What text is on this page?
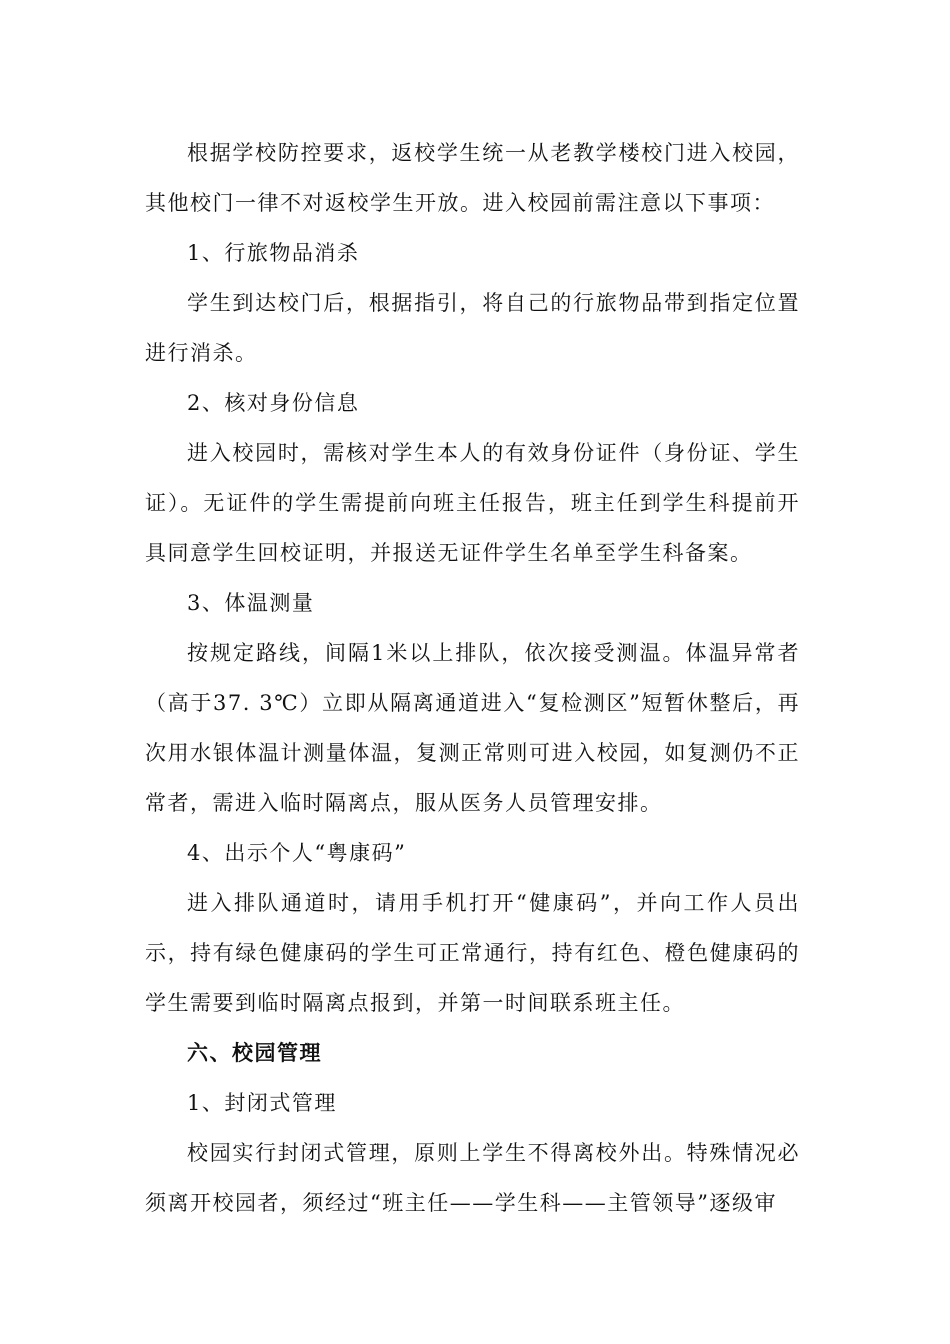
根据学校防控要求，返校学生统一从老教学楼校门进入校园，其他校门一律不对返校学生开放。进入校园前需注意以下事项：

1、行旅物品消杀

学生到达校门后，根据指引，将自己的行旅物品带到指定位置进行消杀。

2、核对身份信息

进入校园时，需核对学生本人的有效身份证件（身份证、学生证）。无证件的学生需提前向班主任报告，班主任到学生科提前开具同意学生回校证明，并报送无证件学生名单至学生科备案。

3、体温测量

按规定路线，间隔1米以上排队，依次接受测温。体温异常者（高于37. 3℃）立即从隔离通道进入“复检测区”短暂休整后，再次用水银体温计测量体温，复测正常则可进入校园，如复测仍不正常者，需进入临时隔离点，服从医务人员管理安排。

4、出示个人“粤康码”

进入排队通道时，请用手机打开“健康码”，并向工作人员出示，持有绿色健康码的学生可正常通行，持有红色、橙色健康码的学生需要到临时隔离点报到，并第一时间联系班主任。

六、校园管理

1、封闭式管理

校园实行封闭式管理，原则上学生不得离校外出。特殊情况必须离开校园者，须经过“班主任——学生科——主管领导”逐级审
